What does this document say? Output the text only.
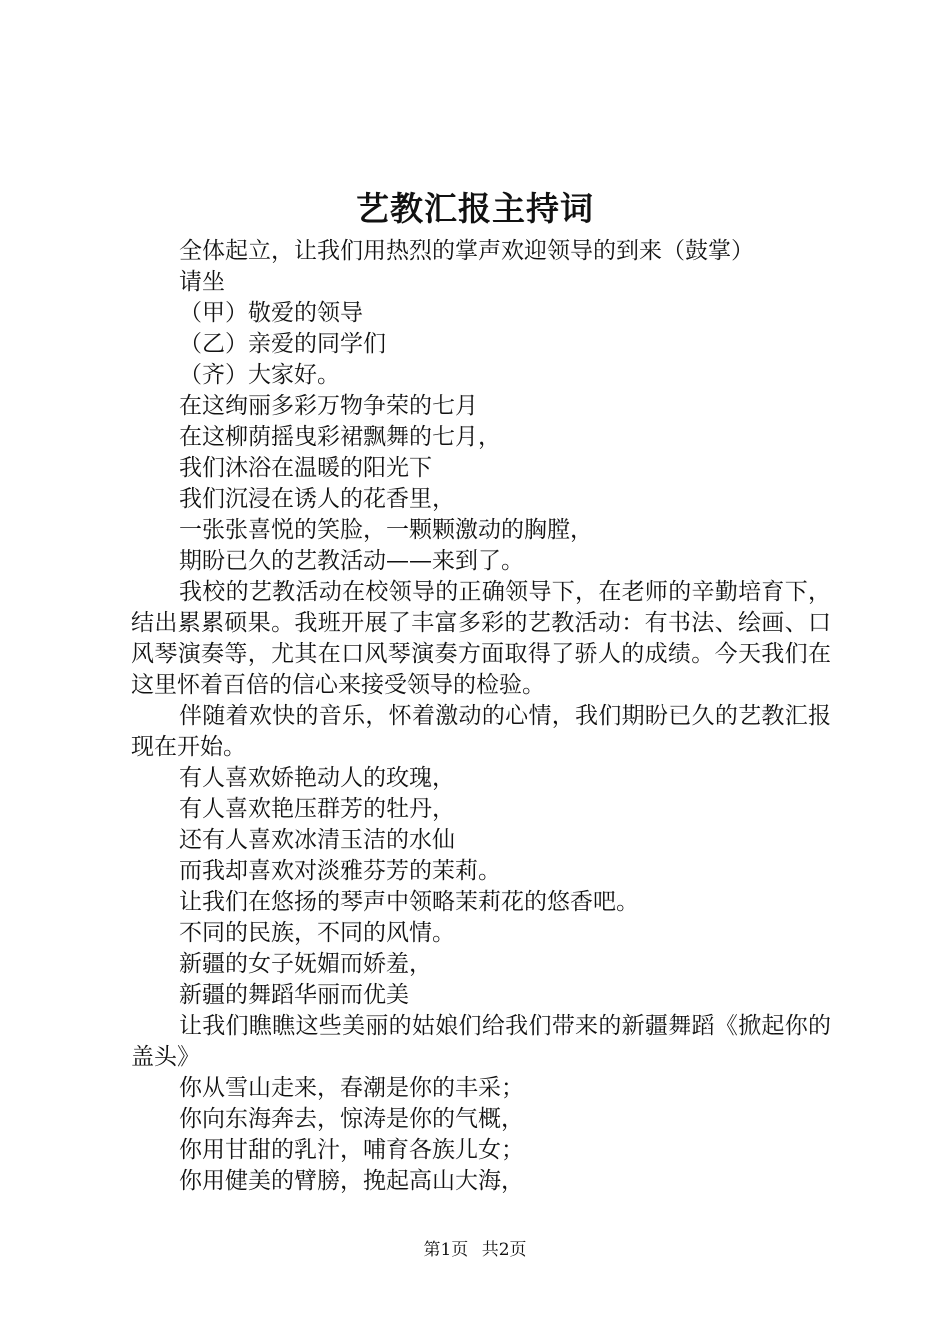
艺教汇报主持词

全体起立，让我们用热烈的掌声欢迎领导的到来（鼓掌）

请坐

（甲）敬爱的领导

（乙）亲爱的同学们

（齐）大家好。

在这绚丽多彩万物争荣的七月

在这柳荫摇曳彩裙飘舞的七月，

我们沐浴在温暖的阳光下

我们沉浸在诱人的花香里，

一张张喜悦的笑脸，一颗颗激动的胸膛，

期盼已久的艺教活动——来到了。

我校的艺教活动在校领导的正确领导下，在老师的辛勤培育下，结出累累硕果。我班开展了丰富多彩的艺教活动：有书法、绘画、口风琴演奏等，尤其在口风琴演奏方面取得了骄人的成绩。今天我们在这里怀着百倍的信心来接受领导的检验。

伴随着欢快的音乐，怀着激动的心情，我们期盼已久的艺教汇报现在开始。

有人喜欢娇艳动人的玫瑰，

有人喜欢艳压群芳的牡丹，

还有人喜欢冰清玉洁的水仙

而我却喜欢对淡雅芬芳的茉莉。

让我们在悠扬的琴声中领略茉莉花的悠香吧。

不同的民族，不同的风情。

新疆的女子妩媚而娇羞，

新疆的舞蹈华丽而优美

让我们瞧瞧这些美丽的姑娘们给我们带来的新疆舞蹈《掀起你的盖头》

你从雪山走来，春潮是你的丰采；

你向东海奔去，惊涛是你的气概，

你用甘甜的乳汁，哺育各族儿女；

你用健美的臂膀，挽起高山大海，

第1页 共2页
